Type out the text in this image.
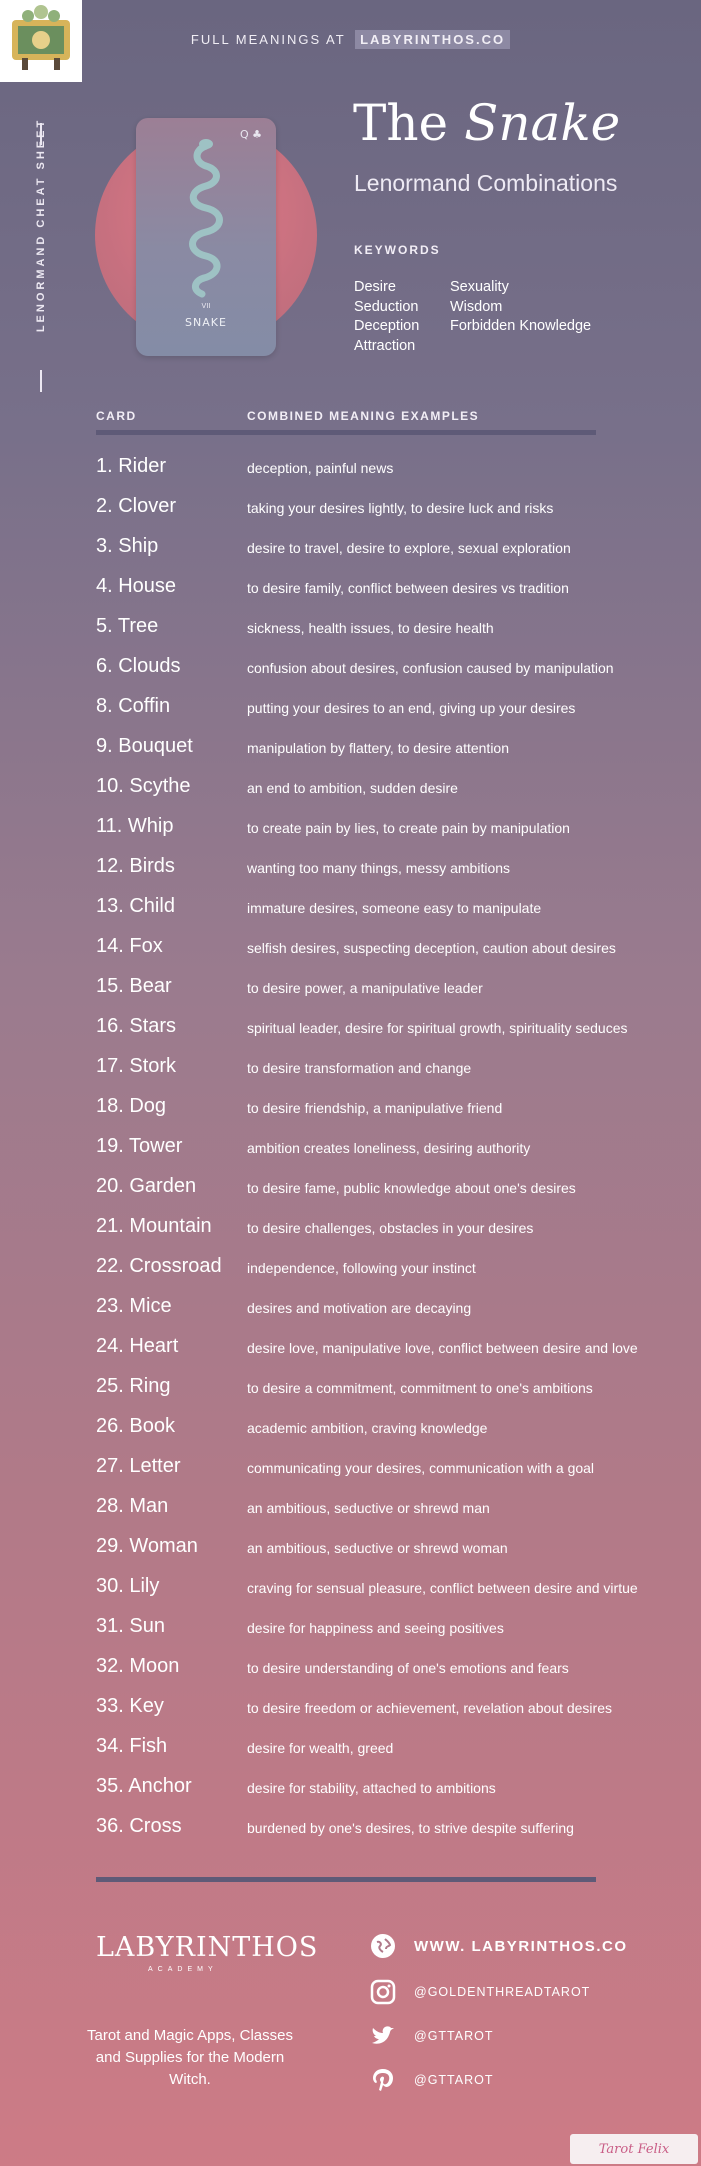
FULL MEANINGS AT LABYRINTHOS.CO
LENORMAND CHEAT SHEET	Q ♣
VII
SNAKE
The Snake
Lenormand Combinations
KEYWORDS
Desire
Seduction
Deception
Attraction
Sexuality
Wisdom
Forbidden Knowledge
CARD	COMBINED MEANING EXAMPLES
1. Rider	deception, painful news
2. Clover	taking your desires lightly, to desire luck and risks
3. Ship	desire to travel, desire to explore, sexual exploration
4. House	to desire family, conflict between desires vs tradition
5. Tree	sickness, health issues, to desire health
6. Clouds	confusion about desires, confusion caused by manipulation
8. Coffin	putting your desires to an end, giving up your desires
9. Bouquet	manipulation by flattery, to desire attention
10. Scythe	an end to ambition, sudden desire
11. Whip	to create pain by lies, to create pain by manipulation
12. Birds	wanting too many things, messy ambitions
13. Child	immature desires, someone easy to manipulate
14. Fox	selfish desires, suspecting deception, caution about desires
15. Bear	to desire power, a manipulative leader
16. Stars	spiritual leader, desire for spiritual growth, spirituality seduces
17. Stork	to desire transformation and change
18. Dog	to desire friendship, a manipulative friend
19. Tower	ambition creates loneliness, desiring authority
20. Garden	to desire fame, public knowledge about one's desires
21. Mountain	to desire challenges, obstacles in your desires
22. Crossroad independence, following your instinct
23. Mice	desires and motivation are decaying
24. Heart	desire love, manipulative love, conflict between desire and love
25. Ring	to desire a commitment, commitment to one's ambitions
26. Book	academic ambition, craving knowledge
27. Letter	communicating your desires, communication with a goal
28. Man	an ambitious, seductive or shrewd man
29. Woman	an ambitious, seductive or shrewd woman
30. Lily	craving for sensual pleasure, conflict between desire and virtue
31. Sun	desire for happiness and seeing positives
32. Moon	to desire understanding of one's emotions and fears
33. Key	to desire freedom or achievement, revelation about desires
34. Fish	desire for wealth, greed
35. Anchor	desire for stability, attached to ambitions
36. Cross	burdened by one's desires, to strive despite suffering
LABYRINTHOS
ACADEMY
Tarot and Magic Apps, Classes and Supplies for the Modern Witch.
WWW. LABYRINTHOS.CO
@GOLDENTHREADTAROT
@GTTAROT
@GTTAROT
Tarot Felix
